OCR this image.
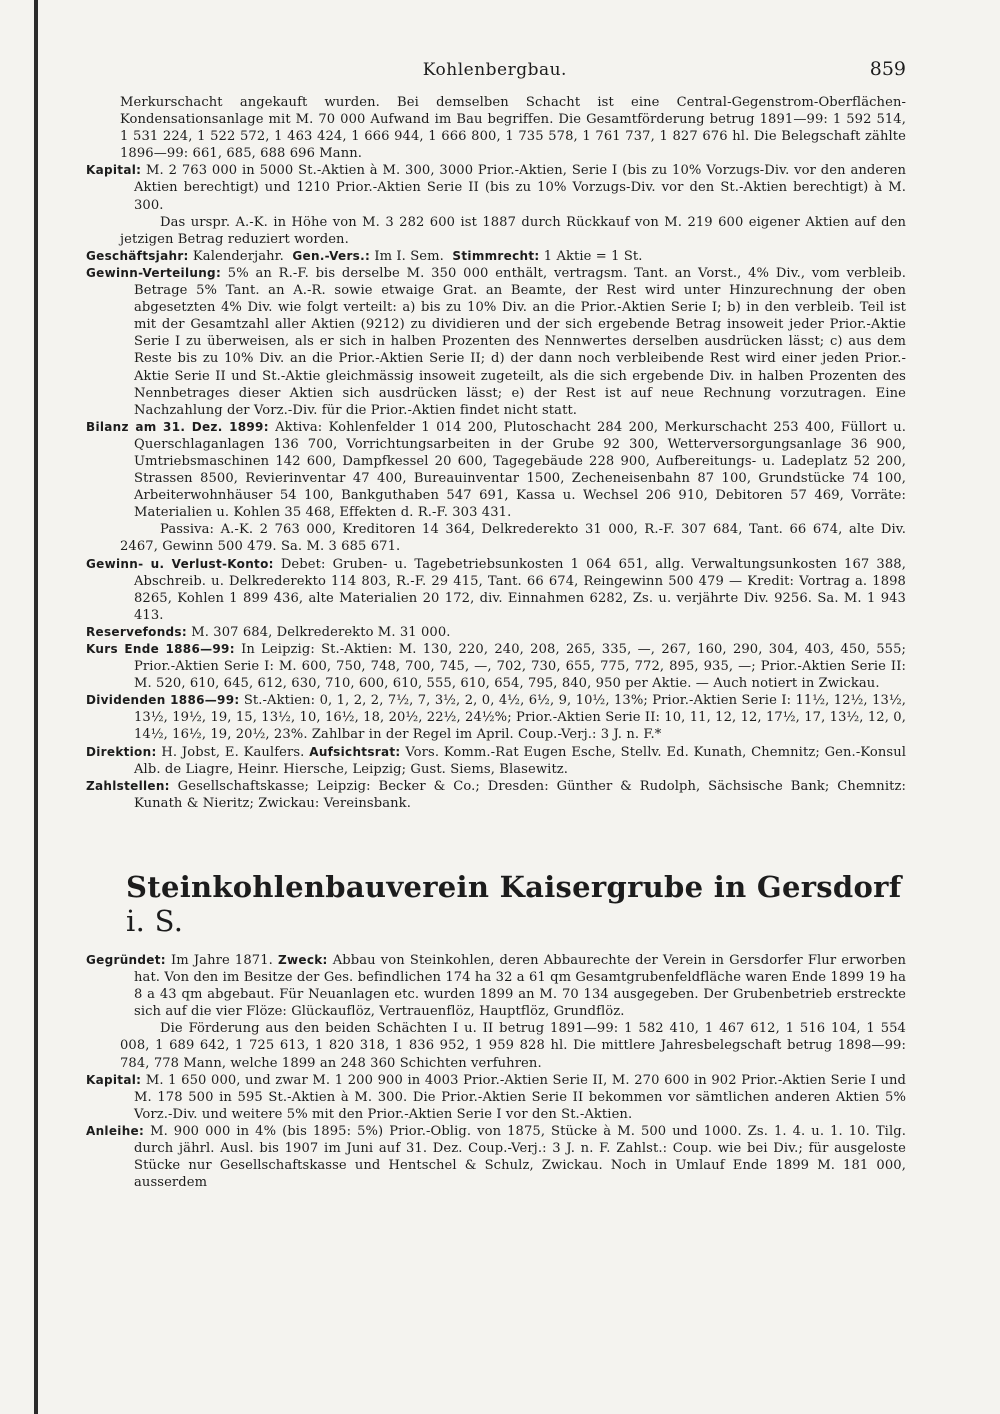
Kohlenbergbau.	859

Merkurschacht angekauft wurden. Bei demselben Schacht ist eine Central-Gegenstrom-Oberflächen-Kondensationsanlage mit M. 70 000 Aufwand im Bau begriffen. Die Gesamtförderung betrug 1891—99: 1 592 514, 1 531 224, 1 522 572, 1 463 424, 1 666 944, 1 666 800, 1 735 578, 1 761 737, 1 827 676 hl. Die Belegschaft zählte 1896—99: 661, 685, 688 696 Mann.

Kapital: M. 2 763 000 in 5000 St.-Aktien à M. 300, 3000 Prior.-Aktien, Serie I (bis zu 10% Vorzugs-Div. vor den anderen Aktien berechtigt) und 1210 Prior.-Aktien Serie II (bis zu 10% Vorzugs-Div. vor den St.-Aktien berechtigt) à M. 300.

Das urspr. A.-K. in Höhe von M. 3 282 600 ist 1887 durch Rückkauf von M. 219 600 eigener Aktien auf den jetzigen Betrag reduziert worden.

Geschäftsjahr: Kalenderjahr. Gen.-Vers.: Im I. Sem. Stimmrecht: 1 Aktie = 1 St.

Gewinn-Verteilung: 5% an R.-F. bis derselbe M. 350 000 enthält, vertragsm. Tant. an Vorst., 4% Div., vom verbleib. Betrage 5% Tant. an A.-R. sowie etwaige Grat. an Beamte, der Rest wird unter Hinzurechnung der oben abgesetzten 4% Div. wie folgt verteilt: a) bis zu 10% Div. an die Prior.-Aktien Serie I; b) in den verbleib. Teil ist mit der Gesamtzahl aller Aktien (9212) zu dividieren und der sich ergebende Betrag insoweit jeder Prior.-Aktie Serie I zu überweisen, als er sich in halben Prozenten des Nennwertes derselben ausdrücken lässt; c) aus dem Reste bis zu 10% Div. an die Prior.-Aktien Serie II; d) der dann noch verbleibende Rest wird einer jeden Prior.-Aktie Serie II und St.-Aktie gleichmässig insoweit zugeteilt, als die sich ergebende Div. in halben Prozenten des Nennbetrages dieser Aktien sich ausdrücken lässt; e) der Rest ist auf neue Rechnung vorzutragen. Eine Nachzahlung der Vorz.-Div. für die Prior.-Aktien findet nicht statt.

Bilanz am 31. Dez. 1899: Aktiva: Kohlenfelder 1 014 200, Plutoschacht 284 200, Merkurschacht 253 400, Füllort u. Querschlaganlagen 136 700, Vorrichtungsarbeiten in der Grube 92 300, Wetterversorgungsanlage 36 900, Umtriebsmaschinen 142 600, Dampfkessel 20 600, Tagegebäude 228 900, Aufbereitungs- u. Ladeplatz 52 200, Strassen 8500, Revierinventar 47 400, Bureauinventar 1500, Zecheneisenbahn 87 100, Grundstücke 74 100, Arbeiterwohnhäuser 54 100, Bankguthaben 547 691, Kassa u. Wechsel 206 910, Debitoren 57 469, Vorräte: Materialien u. Kohlen 35 468, Effekten d. R.-F. 303 431.

Passiva: A.-K. 2 763 000, Kreditoren 14 364, Delkrederekto 31 000, R.-F. 307 684, Tant. 66 674, alte Div. 2467, Gewinn 500 479. Sa. M. 3 685 671.

Gewinn- u. Verlust-Konto: Debet: Gruben- u. Tagebetriebsunkosten 1 064 651, allg. Verwaltungsunkosten 167 388, Abschreib. u. Delkrederekto 114 803, R.-F. 29 415, Tant. 66 674, Reingewinn 500 479 — Kredit: Vortrag a. 1898 8265, Kohlen 1 899 436, alte Materialien 20 172, div. Einnahmen 6282, Zs. u. verjährte Div. 9256. Sa. M. 1 943 413.

Reservefonds: M. 307 684, Delkrederekto M. 31 000.

Kurs Ende 1886—99: In Leipzig: St.-Aktien: M. 130, 220, 240, 208, 265, 335, —, 267, 160, 290, 304, 403, 450, 555; Prior.-Aktien Serie I: M. 600, 750, 748, 700, 745, —, 702, 730, 655, 775, 772, 895, 935, —; Prior.-Aktien Serie II: M. 520, 610, 645, 612, 630, 710, 600, 610, 555, 610, 654, 795, 840, 950 per Aktie. — Auch notiert in Zwickau.

Dividenden 1886—99: St.-Aktien: 0, 1, 2, 2, 7½, 7, 3½, 2, 0, 4½, 6½, 9, 10½, 13%; Prior.-Aktien Serie I: 11½, 12½, 13½, 13½, 19½, 19, 15, 13½, 10, 16½, 18, 20½, 22½, 24½%; Prior.-Aktien Serie II: 10, 11, 12, 12, 17½, 17, 13½, 12, 0, 14½, 16½, 19, 20½, 23%. Zahlbar in der Regel im April. Coup.-Verj.: 3 J. n. F.*

Direktion: H. Jobst, E. Kaulfers. Aufsichtsrat: Vors. Komm.-Rat Eugen Esche, Stellv. Ed. Kunath, Chemnitz; Gen.-Konsul Alb. de Liagre, Heinr. Hiersche, Leipzig; Gust. Siems, Blasewitz.

Zahlstellen: Gesellschaftskasse; Leipzig: Becker & Co.; Dresden: Günther & Rudolph, Sächsische Bank; Chemnitz: Kunath & Nieritz; Zwickau: Vereinsbank.

Steinkohlenbauverein Kaisergrube in Gersdorf i. S.

Gegründet: Im Jahre 1871. Zweck: Abbau von Steinkohlen, deren Abbaurechte der Verein in Gersdorfer Flur erworben hat. Von den im Besitze der Ges. befindlichen 174 ha 32 a 61 qm Gesamtgrubenfeldfläche waren Ende 1899 19 ha 8 a 43 qm abgebaut. Für Neuanlagen etc. wurden 1899 an M. 70 134 ausgegeben. Der Grubenbetrieb erstreckte sich auf die vier Flöze: Glückauflöz, Vertrauenflöz, Hauptflöz, Grundflöz.

Die Förderung aus den beiden Schächten I u. II betrug 1891—99: 1 582 410, 1 467 612, 1 516 104, 1 554 008, 1 689 642, 1 725 613, 1 820 318, 1 836 952, 1 959 828 hl. Die mittlere Jahresbelegschaft betrug 1898—99: 784, 778 Mann, welche 1899 an 248 360 Schichten verfuhren.

Kapital: M. 1 650 000, und zwar M. 1 200 900 in 4003 Prior.-Aktien Serie II, M. 270 600 in 902 Prior.-Aktien Serie I und M. 178 500 in 595 St.-Aktien à M. 300. Die Prior.-Aktien Serie II bekommen vor sämtlichen anderen Aktien 5% Vorz.-Div. und weitere 5% mit den Prior.-Aktien Serie I vor den St.-Aktien.

Anleihe: M. 900 000 in 4% (bis 1895: 5%) Prior.-Oblig. von 1875, Stücke à M. 500 und 1000. Zs. 1. 4. u. 1. 10. Tilg. durch jährl. Ausl. bis 1907 im Juni auf 31. Dez. Coup.-Verj.: 3 J. n. F. Zahlst.: Coup. wie bei Div.; für ausgeloste Stücke nur Gesellschaftskasse und Hentschel & Schulz, Zwickau. Noch in Umlauf Ende 1899 M. 181 000, ausserdem
